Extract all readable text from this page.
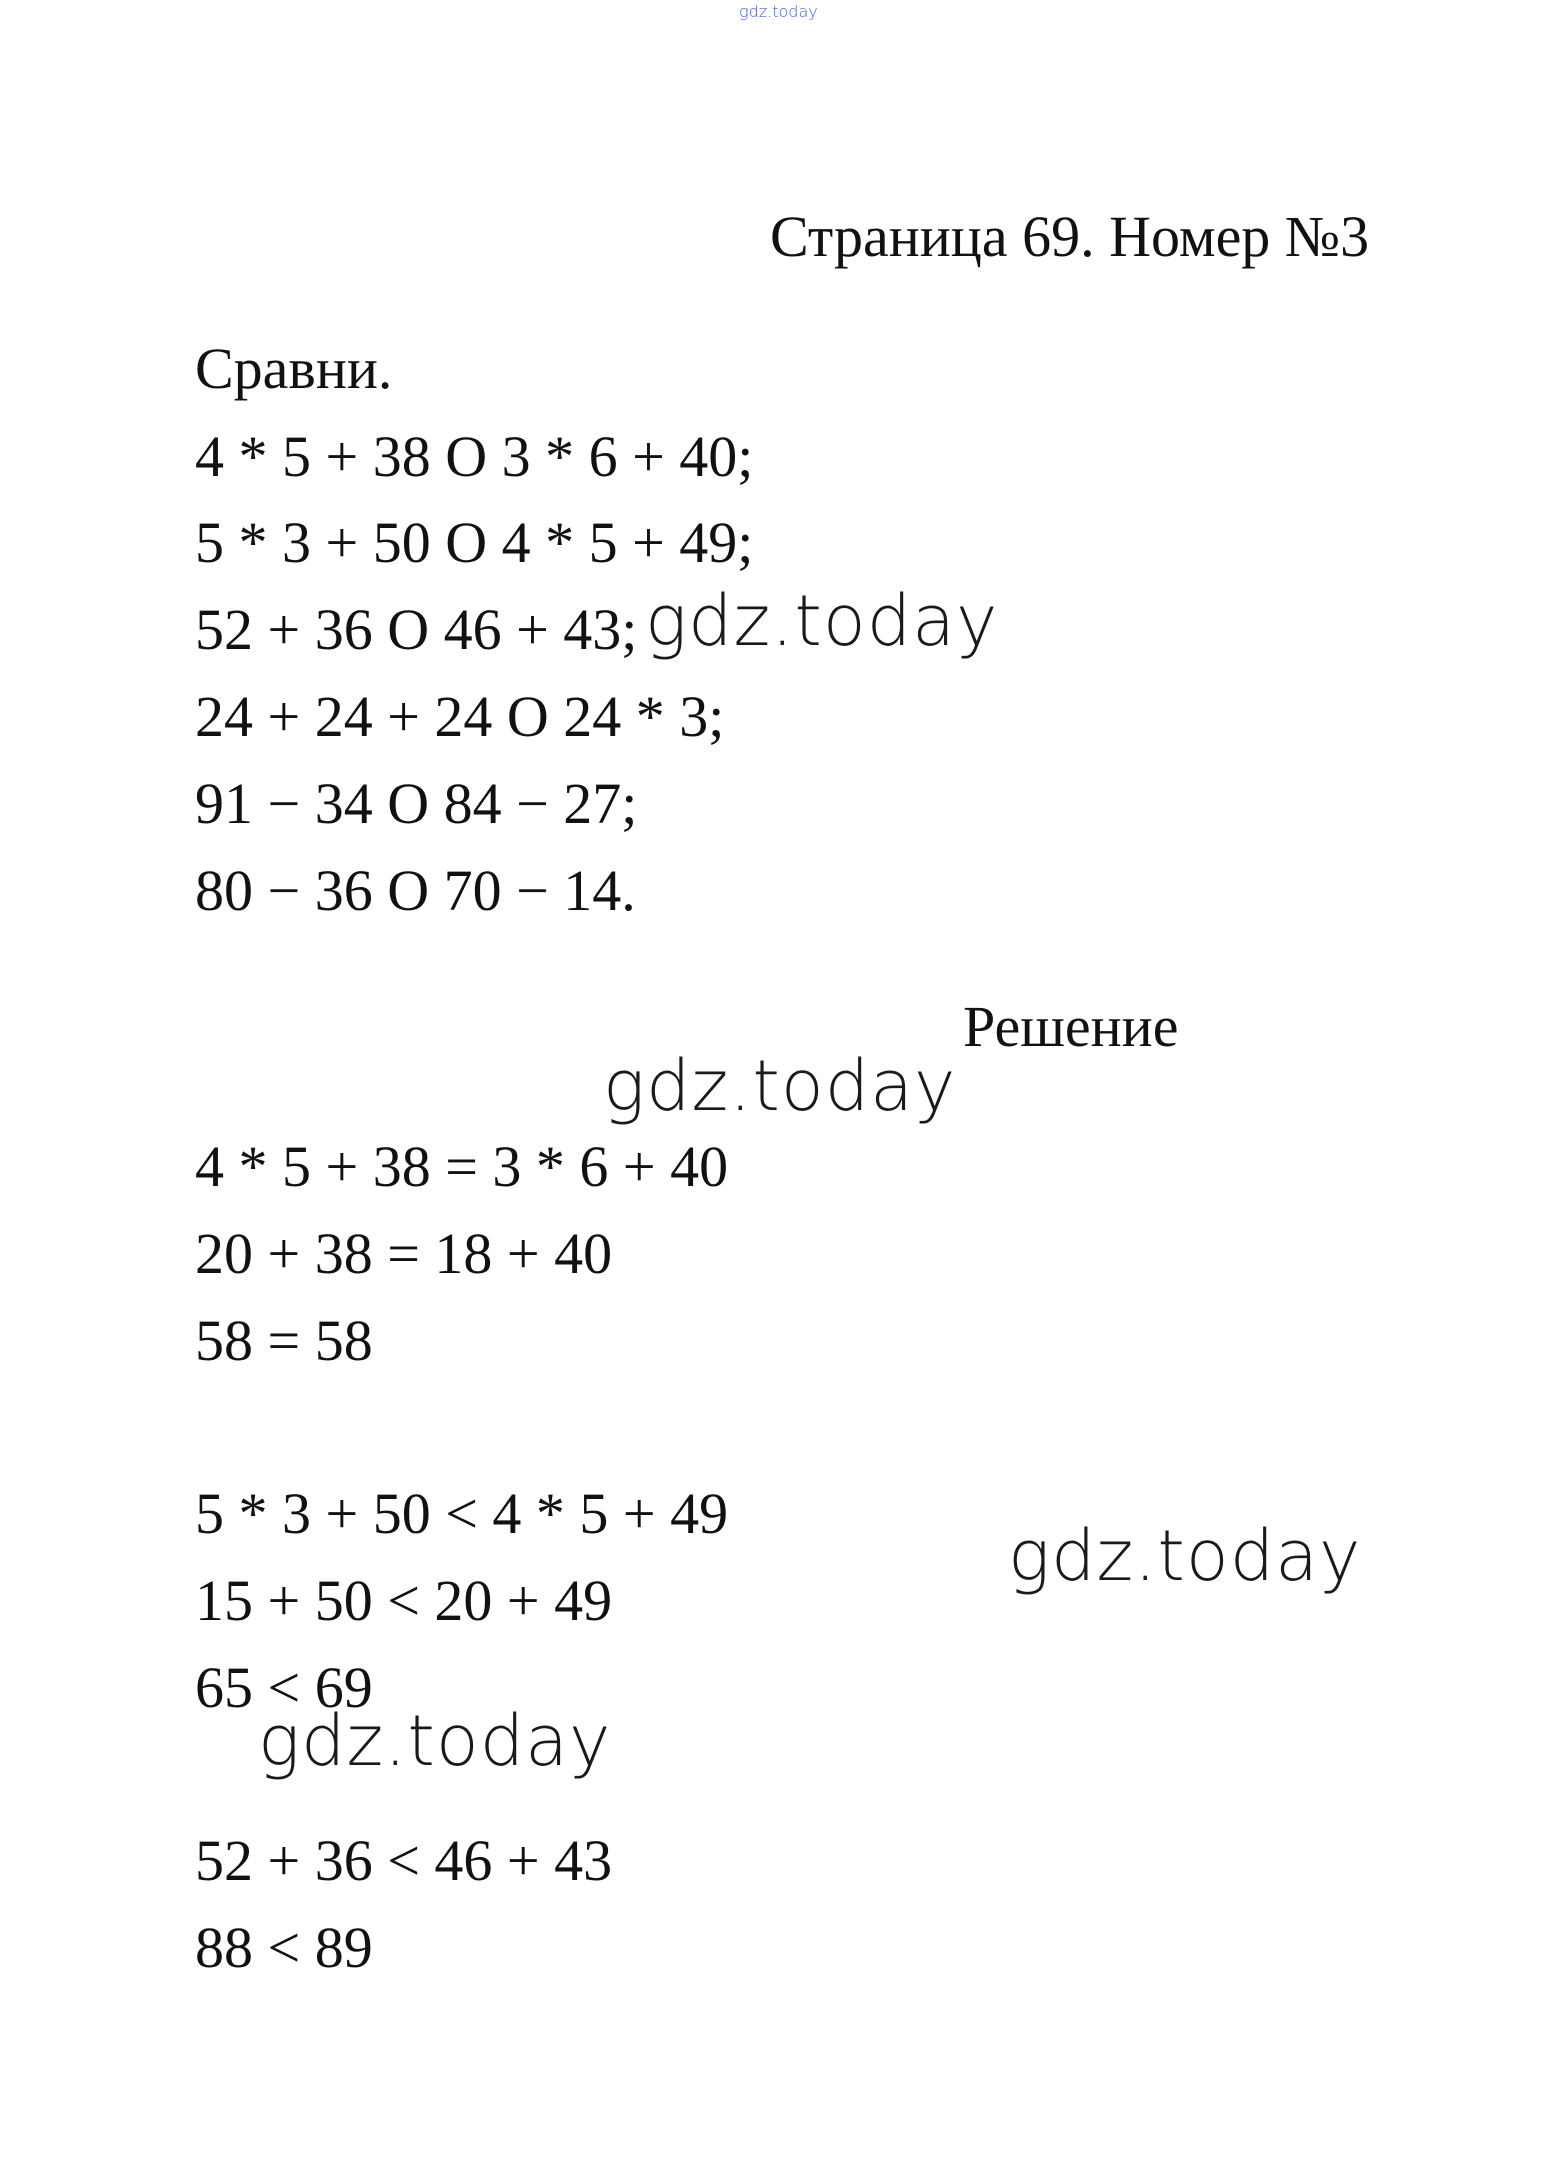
gdz.today
Страница 69. Номер №3
Сравни.
4 * 5 + 38 О 3 * 6 + 40;
5 * 3 + 50 О 4 * 5 + 49;
52 + 36 О 46 + 43;
24 + 24 + 24 О 24 * 3;
91 − 34 О 84 − 27;
80 − 36 О 70 − 14.
gdz.today
Решение
gdz.today
4 * 5 + 38 = 3 * 6 + 40
20 + 38 = 18 + 40
58 = 58
5 * 3 + 50 < 4 * 5 + 49
15 + 50 < 20 + 49
65 < 69
gdz.today
gdz.today
52 + 36 < 46 + 43
88 < 89
